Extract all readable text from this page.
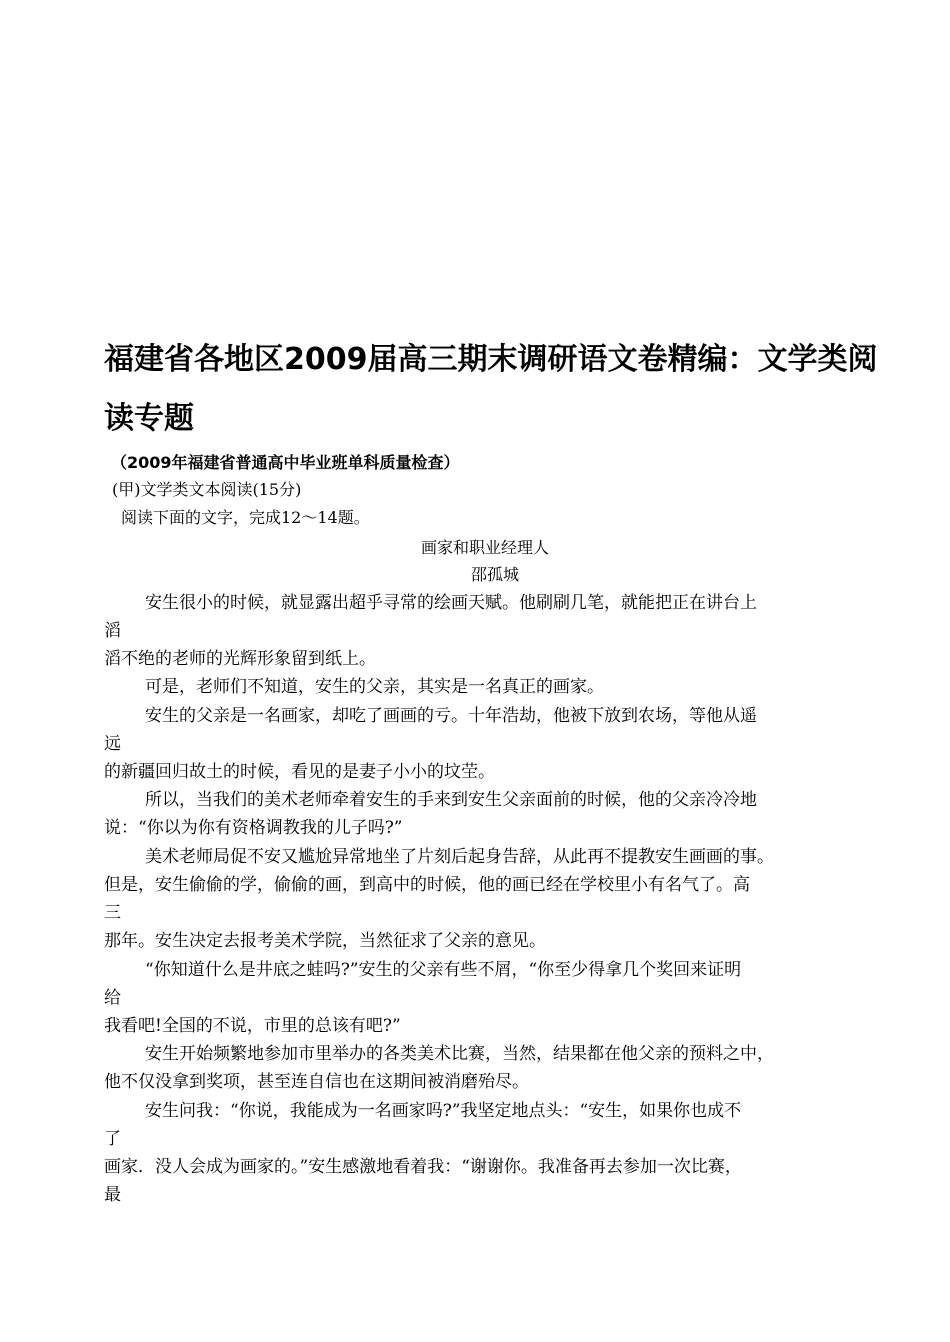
福建省各地区2009届高三期末调研语文卷精编：文学类阅
读专题
（2009年福建省普通高中毕业班单科质量检查）
(甲)文学类文本阅读(15分)
阅读下面的文字，完成12～14题。
画家和职业经理人
邵孤城
安生很小的时候，就显露出超乎寻常的绘画天赋。他刷刷几笔，就能把正在讲台上
滔
滔不绝的老师的光辉形象留到纸上。
可是，老师们不知道，安生的父亲，其实是一名真正的画家。
安生的父亲是一名画家，却吃了画画的亏。十年浩劫，他被下放到农场，等他从遥
远
的新疆回归故土的时候，看见的是妻子小小的坟茔。
所以，当我们的美术老师牵着安生的手来到安生父亲面前的时候，他的父亲冷冷地
说：“你以为你有资格调教我的儿子吗?”
美术老师局促不安又尴尬异常地坐了片刻后起身告辞，从此再不提教安生画画的事。
但是，安生偷偷的学，偷偷的画，到高中的时候，他的画已经在学校里小有名气了。高
三
那年。安生决定去报考美术学院，当然征求了父亲的意见。
“你知道什么是井底之蛙吗?”安生的父亲有些不屑，“你至少得拿几个奖回来证明
给
我看吧!全国的不说，市里的总该有吧?”
安生开始频繁地参加市里举办的各类美术比赛，当然，结果都在他父亲的预料之中，
他不仅没拿到奖项，甚至连自信也在这期间被消磨殆尽。
安生问我：“你说，我能成为一名画家吗?”我坚定地点头：“安生，如果你也成不
了
画家．没人会成为画家的。”安生感激地看着我：“谢谢你。我准备再去参加一次比赛，
最
